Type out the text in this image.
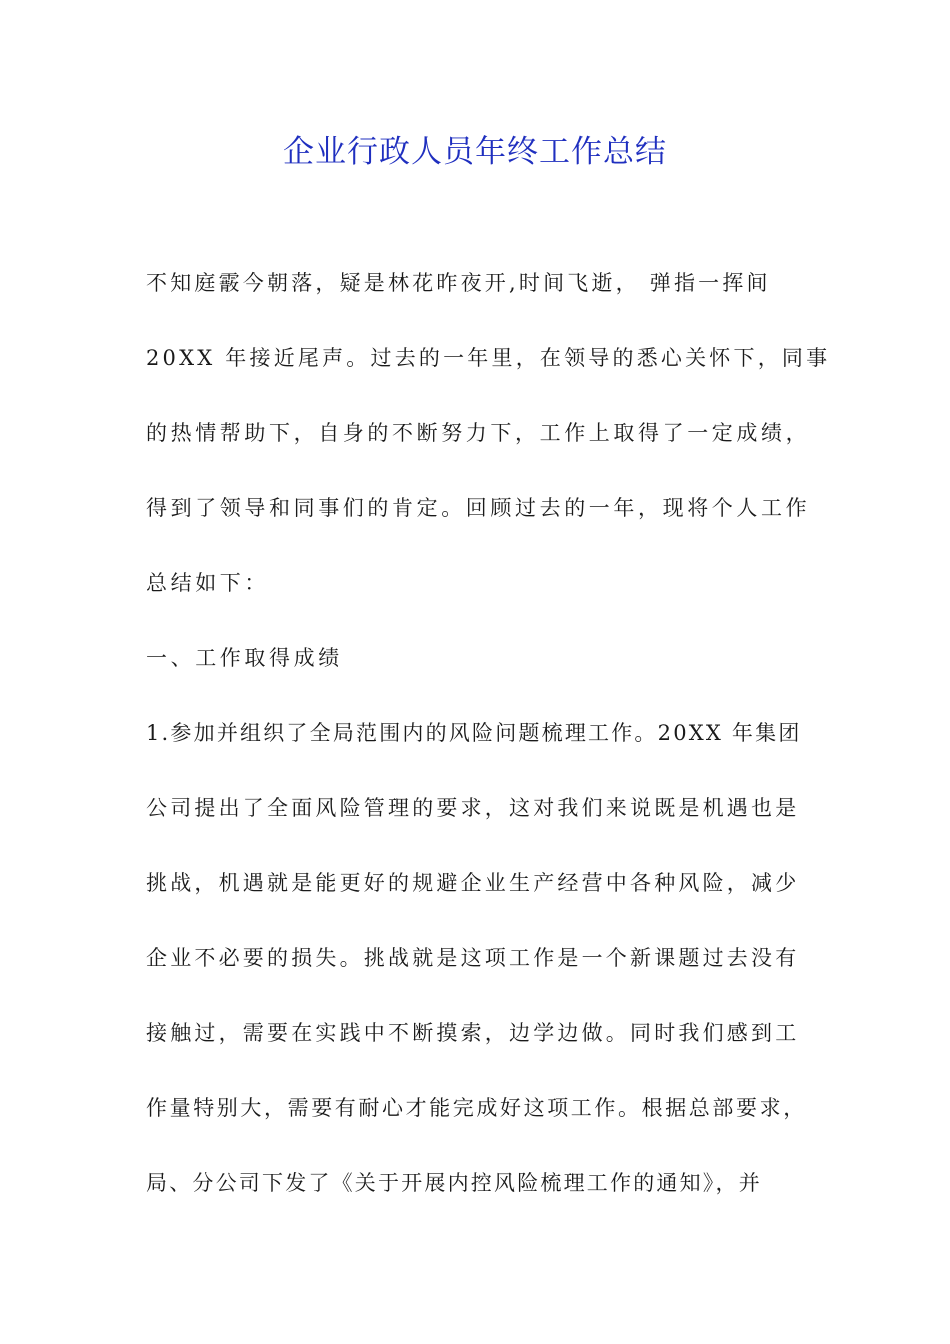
企业行政人员年终工作总结

不知庭霰今朝落，疑是林花昨夜开,时间飞逝， 弹指一挥间

20XX 年接近尾声。过去的一年里，在领导的悉心关怀下，同事

的热情帮助下，自身的不断努力下，工作上取得了一定成绩，

得到了领导和同事们的肯定。回顾过去的一年，现将个人工作

总结如下：

一、工作取得成绩

1.参加并组织了全局范围内的风险问题梳理工作。20XX 年集团

公司提出了全面风险管理的要求，这对我们来说既是机遇也是

挑战，机遇就是能更好的规避企业生产经营中各种风险，减少

企业不必要的损失。挑战就是这项工作是一个新课题过去没有

接触过，需要在实践中不断摸索，边学边做。同时我们感到工

作量特别大，需要有耐心才能完成好这项工作。根据总部要求，

局、分公司下发了《关于开展内控风险梳理工作的通知》，并
